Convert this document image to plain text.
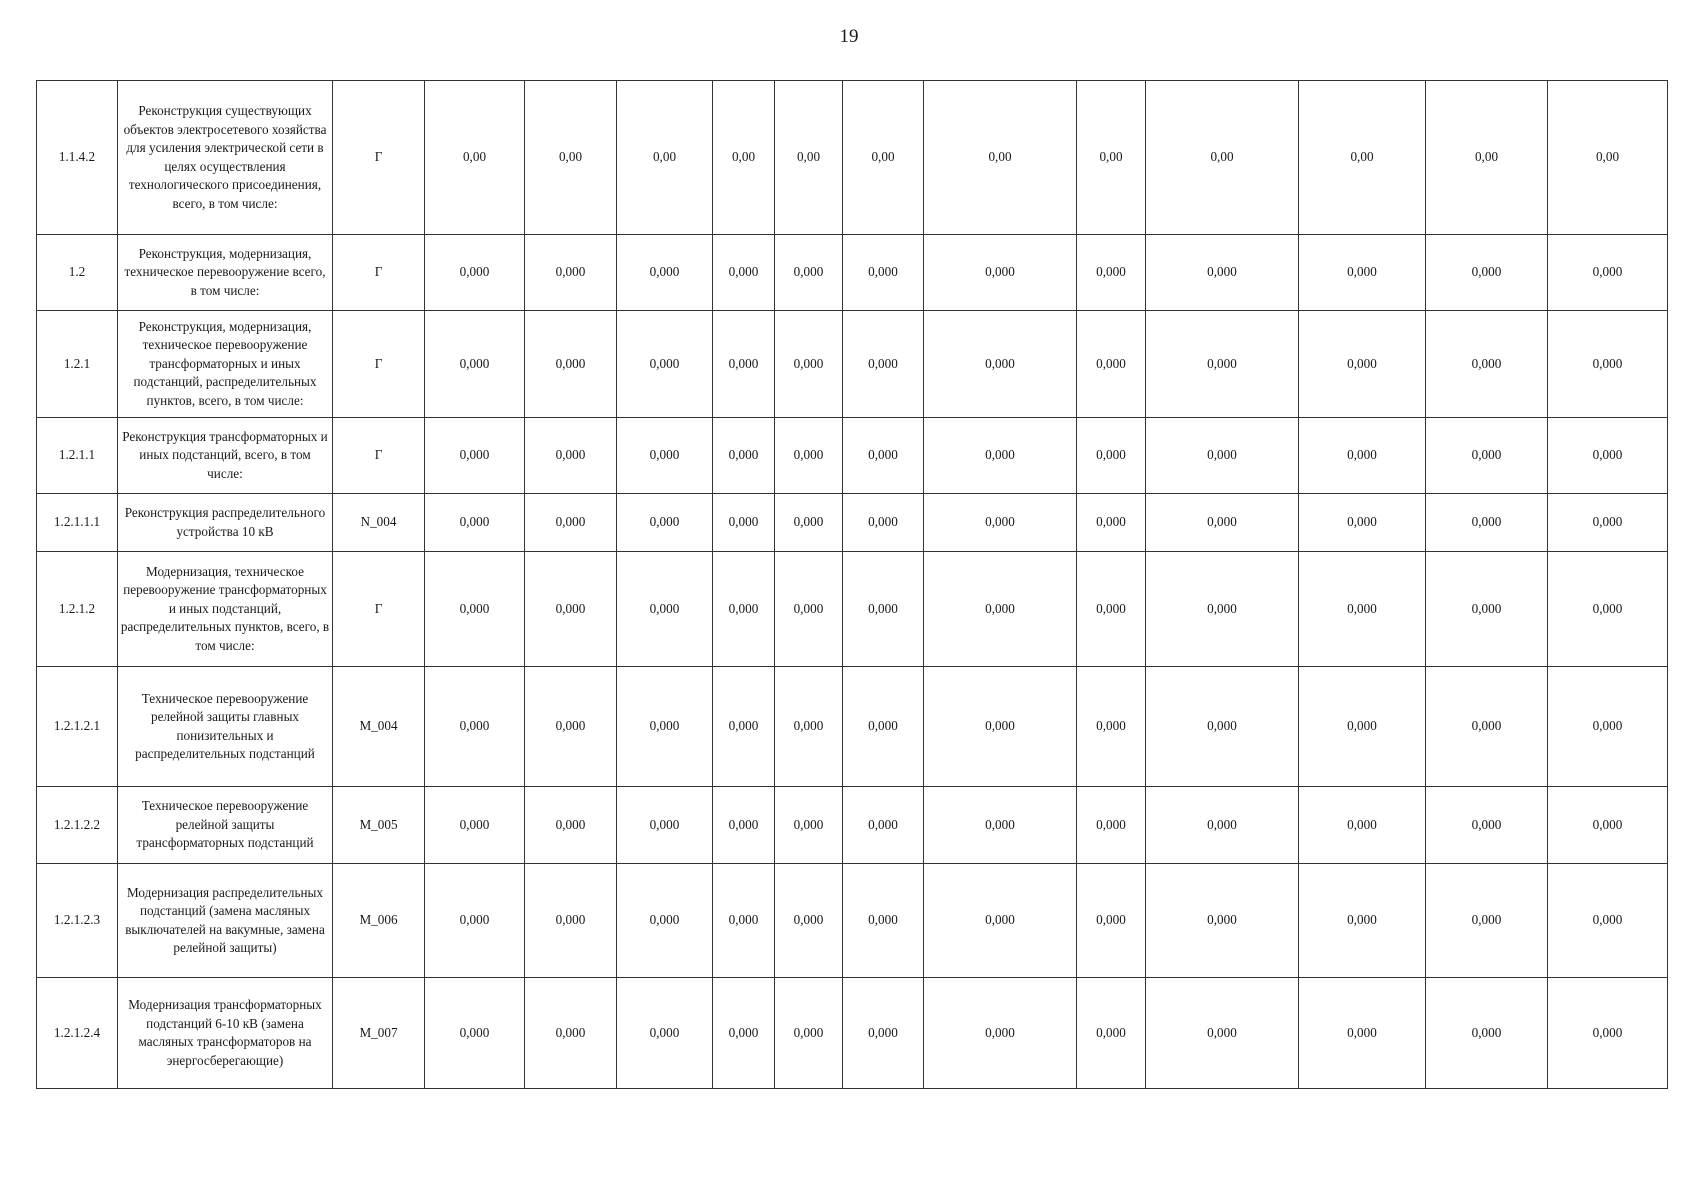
19
1.1.4.2	Реконструкция существующих объектов электросетевого хозяйства для усиления электрической сети в целях осуществления технологического присоединения, всего, в том числе:	Г	0,00	0,00	0,00	0,00	0,00	0,00	0,00	0,00	0,00	0,00	0,00	0,00
1.2	Реконструкция, модернизация, техническое перевооружение всего, в том числе:	Г	0,000	0,000	0,000	0,000	0,000	0,000	0,000	0,000	0,000	0,000	0,000	0,000
1.2.1	Реконструкция, модернизация, техническое перевооружение трансформаторных и иных подстанций, распределительных пунктов, всего, в том числе:	Г	0,000	0,000	0,000	0,000	0,000	0,000	0,000	0,000	0,000	0,000	0,000	0,000
1.2.1.1	Реконструкция трансформаторных и иных подстанций, всего, в том числе:	Г	0,000	0,000	0,000	0,000	0,000	0,000	0,000	0,000	0,000	0,000	0,000	0,000
1.2.1.1.1	Реконструкция распределительного устройства 10 кВ	N_004	0,000	0,000	0,000	0,000	0,000	0,000	0,000	0,000	0,000	0,000	0,000	0,000
1.2.1.2	Модернизация, техническое перевооружение трансформаторных и иных подстанций, распределительных пунктов, всего, в том числе:	Г	0,000	0,000	0,000	0,000	0,000	0,000	0,000	0,000	0,000	0,000	0,000	0,000
1.2.1.2.1	Техническое перевооружение релейной защиты главных понизительных и распределительных подстанций	M_004	0,000	0,000	0,000	0,000	0,000	0,000	0,000	0,000	0,000	0,000	0,000	0,000
1.2.1.2.2	Техническое перевооружение релейной защиты трансформаторных подстанций	M_005	0,000	0,000	0,000	0,000	0,000	0,000	0,000	0,000	0,000	0,000	0,000	0,000
1.2.1.2.3	Модернизация распределительных подстанций (замена масляных выключателей на вакумные, замена релейной защиты)	M_006	0,000	0,000	0,000	0,000	0,000	0,000	0,000	0,000	0,000	0,000	0,000	0,000
1.2.1.2.4	Модернизация трансформаторных подстанций 6-10 кВ (замена масляных трансформаторов на энергосберегающие)	M_007	0,000	0,000	0,000	0,000	0,000	0,000	0,000	0,000	0,000	0,000	0,000	0,000
